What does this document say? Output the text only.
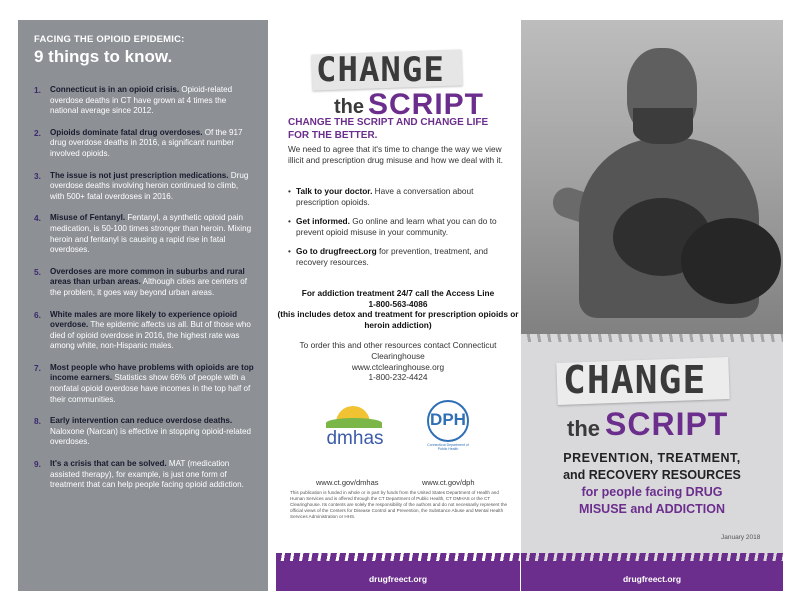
FACING THE OPIOID EPIDEMIC:
9 things to know.
1.	Connecticut is in an opioid crisis. Opioid-related overdose deaths in CT have grown at 4 times the national average since 2012.
2.	Opioids dominate fatal drug overdoses. Of the 917 drug overdose deaths in 2016, a significant number involved opioids.
3.	The issue is not just prescription medications. Drug overdose deaths involving heroin continued to climb, with 500+ fatal overdoses in 2016.
4.	Misuse of Fentanyl. Fentanyl, a synthetic opioid pain medication, is 50-100 times stronger than heroin. Mixing heroin and fentanyl is causing a rapid rise in fatal overdoses.
5.	Overdoses are more common in suburbs and rural areas than urban areas. Although cities are centers of the problem, it goes way beyond urban areas.
6.	White males are more likely to experience opioid overdose. The epidemic affects us all. But of those who died of opioid overdose in 2016, the highest rate was among white, non-Hispanic males.
7.	Most people who have problems with opioids are top income earners. Statistics show 66% of people with a nonfatal opioid overdose have incomes in the top half of their communities.
8.	Early intervention can reduce overdose deaths. Naloxone (Narcan) is effective in stopping opioid-related overdoses.
9.	It's a crisis that can be solved. MAT (medication assisted therapy), for example, is just one form of treatment that can help people facing opioid addiction.
CHANGE
the SCRIPT
CHANGE THE SCRIPT AND CHANGE LIFE FOR THE BETTER.
We need to agree that it's time to change the way we view illicit and prescription drug misuse and how we deal with it.
• Talk to your doctor. Have a conversation about prescription opioids.
• Get informed. Go online and learn what you can do to prevent opioid misuse in your community.
• Go to drugfreect.org for prevention, treatment, and recovery resources.

For addiction treatment 24/7 call the Access Line
1-800-563-4086
(this includes detox and treatment for prescription opioids or heroin addiction)

To order this and other resources contact Connecticut Clearinghouse
www.ctclearinghouse.org
1-800-232-4424

dmhas
DPH
Connecticut Department of Public Health
www.ct.gov/dmhas	www.ct.gov/dph
This publication is funded in whole or in part by funds from the United States Department of Health and Human Services and is offered through the CT Department of Public Health, CT DMHAS or the CT Clearinghouse. Its contents are solely the responsibility of the authors and do not necessarily represent the official views of the Centers for Disease Control and Prevention, the Substance Abuse and Mental Health Services Administration or HHS.
drugfreect.org
CHANGE
the SCRIPT
PREVENTION, TREATMENT,
and RECOVERY RESOURCES
for people facing DRUG
MISUSE and ADDICTION
January 2018
drugfreect.org
